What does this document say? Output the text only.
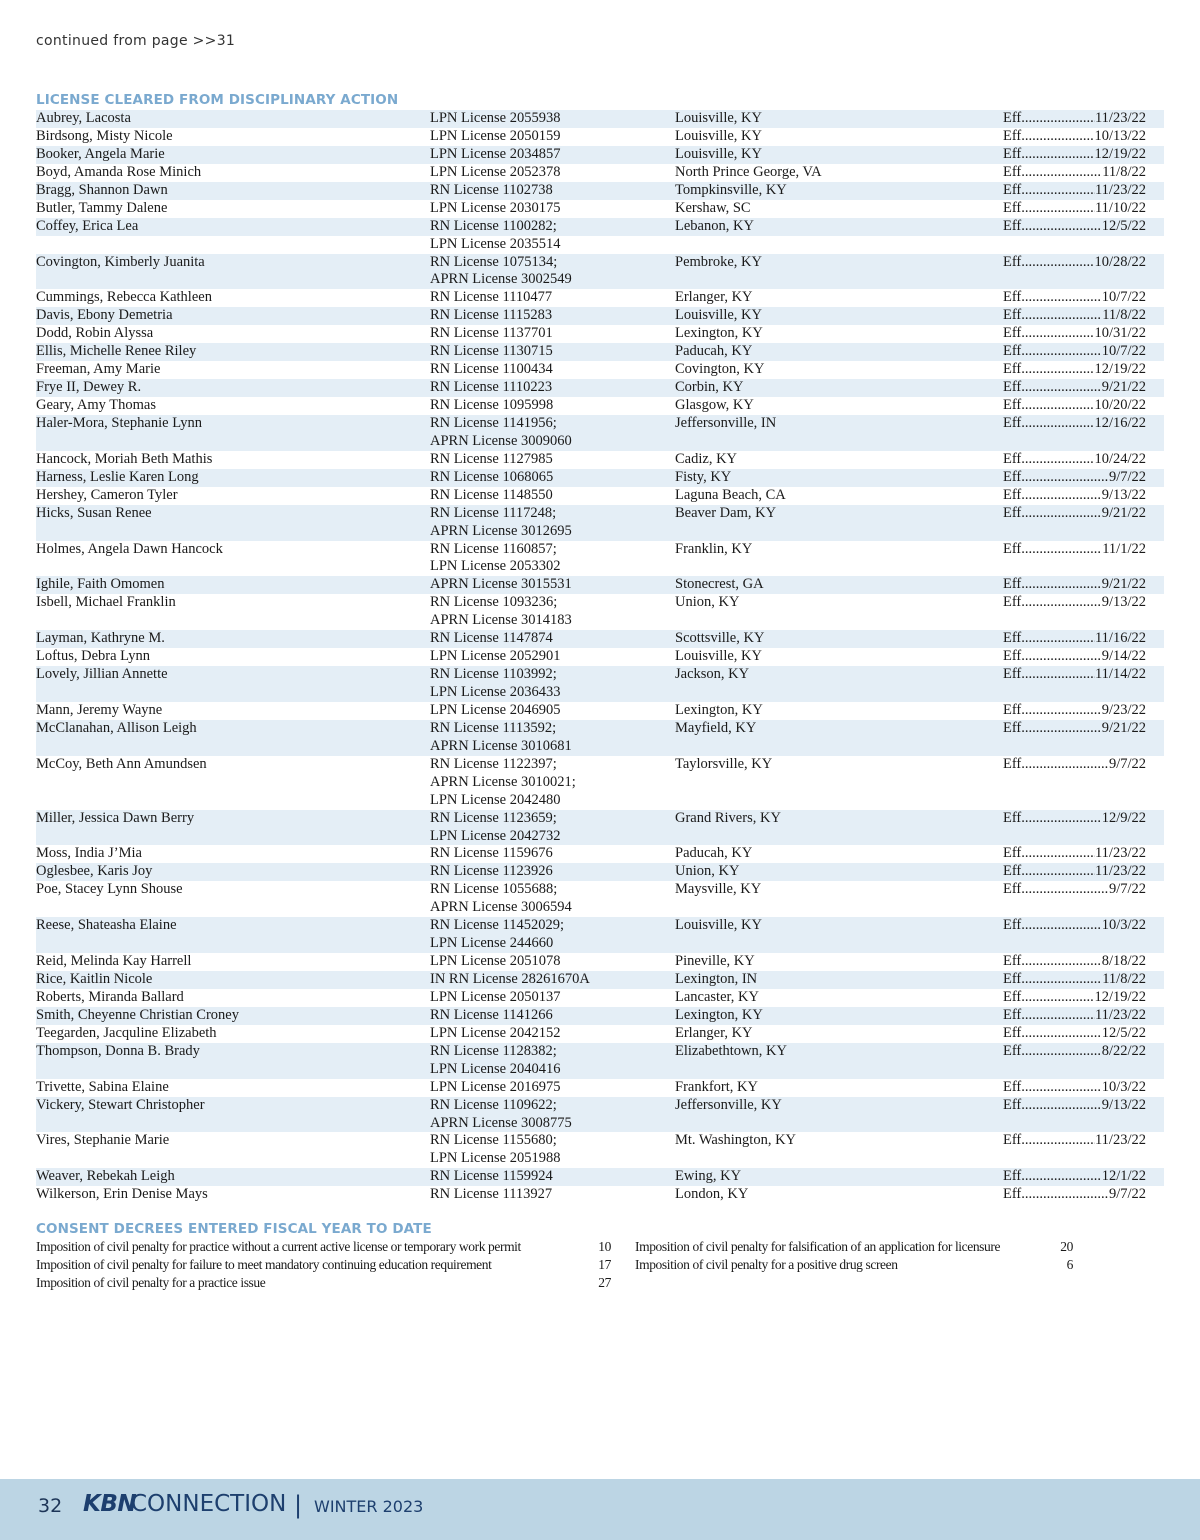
continued from page >>31
LICENSE CLEARED FROM DISCIPLINARY ACTION
Aubrey, Lacosta	LPN License 2055938	Louisville, KY	Eff. .....	11/23/22
Birdsong, Misty Nicole	LPN License 2050159	Louisville, KY	Eff. .....	10/13/22
Booker, Angela Marie	LPN License 2034857	Louisville, KY	Eff. .....	12/19/22
Boyd, Amanda Rose Minich	LPN License 2052378	North Prince George, VA	Eff. .....	11/8/22
Bragg, Shannon Dawn	RN License 1102738	Tompkinsville, KY	Eff. .....	11/23/22
Butler, Tammy Dalene	LPN License 2030175	Kershaw, SC	Eff. .....	11/10/22
Coffey, Erica Lea	RN License 1100282;	Lebanon, KY	Eff. .....	12/5/22
LPN License 2035514
Covington, Kimberly Juanita	RN License 1075134;	Pembroke, KY	Eff. .....	10/28/22
APRN License 3002549
Cummings, Rebecca Kathleen	RN License 1110477	Erlanger, KY	Eff. .....	10/7/22
Davis, Ebony Demetria	RN License 1115283	Louisville, KY	Eff. .....	11/8/22
Dodd, Robin Alyssa	RN License 1137701	Lexington, KY	Eff. .....	10/31/22
Ellis, Michelle Renee Riley	RN License 1130715	Paducah, KY	Eff. .....	10/7/22
Freeman, Amy Marie	RN License 1100434	Covington, KY	Eff. .....	12/19/22
Frye II, Dewey R.	RN License 1110223	Corbin, KY	Eff. .....	9/21/22
Geary, Amy Thomas	RN License 1095998	Glasgow, KY	Eff. .....	10/20/22
Haler-Mora, Stephanie Lynn	RN License 1141956;	Jeffersonville, IN	Eff. .....	12/16/22
APRN License 3009060
Hancock, Moriah Beth Mathis	RN License 1127985	Cadiz, KY	Eff. .....	10/24/22
Harness, Leslie Karen Long	RN License 1068065	Fisty, KY	Eff. .....	9/7/22
Hershey, Cameron Tyler	RN License 1148550	Laguna Beach, CA	Eff. .....	9/13/22
Hicks, Susan Renee	RN License 1117248;	Beaver Dam, KY	Eff. .....	9/21/22
APRN License 3012695
Holmes, Angela Dawn Hancock	RN License 1160857;	Franklin, KY	Eff. .....	11/1/22
LPN License 2053302
Ighile, Faith Omomen	APRN License 3015531	Stonecrest, GA	Eff. .....	9/21/22
Isbell, Michael Franklin	RN License 1093236;	Union, KY	Eff. .....	9/13/22
APRN License 3014183
Layman, Kathryne M.	RN License 1147874	Scottsville, KY	Eff. .....	11/16/22
Loftus, Debra Lynn	LPN License 2052901	Louisville, KY	Eff. .....	9/14/22
Lovely, Jillian Annette	RN License 1103992;	Jackson, KY	Eff. .....	11/14/22
LPN License 2036433
Mann, Jeremy Wayne	LPN License 2046905	Lexington, KY	Eff. .....	9/23/22
McClanahan, Allison Leigh	RN License 1113592;	Mayfield, KY	Eff. .....	9/21/22
APRN License 3010681
McCoy, Beth Ann Amundsen	RN License 1122397;	Taylorsville, KY	Eff. .....	9/7/22
APRN License 3010021;
LPN License 2042480
Miller, Jessica Dawn Berry	RN License 1123659;	Grand Rivers, KY	Eff. .....	12/9/22
LPN License 2042732
Moss, India J’Mia	RN License 1159676	Paducah, KY	Eff. .....	11/23/22
Oglesbee, Karis Joy	RN License 1123926	Union, KY	Eff. .....	11/23/22
Poe, Stacey Lynn Shouse	RN License 1055688;	Maysville, KY	Eff. .....	9/7/22
APRN License 3006594
Reese, Shateasha Elaine	RN License 11452029;	Louisville, KY	Eff. .....	10/3/22
LPN License 244660
Reid, Melinda Kay Harrell	LPN License 2051078	Pineville, KY	Eff. .....	8/18/22
Rice, Kaitlin Nicole	IN RN License 28261670A	Lexington, IN	Eff. .....	11/8/22
Roberts, Miranda Ballard	LPN License 2050137	Lancaster, KY	Eff. .....	12/19/22
Smith, Cheyenne Christian Croney	RN License 1141266	Lexington, KY	Eff. .....	11/23/22
Teegarden, Jacquline Elizabeth	LPN License 2042152	Erlanger, KY	Eff. .....	12/5/22
Thompson, Donna B. Brady	RN License 1128382;	Elizabethtown, KY	Eff. .....	8/22/22
LPN License 2040416
Trivette, Sabina Elaine	LPN License 2016975	Frankfort, KY	Eff. .....	10/3/22
Vickery, Stewart Christopher	RN License 1109622;	Jeffersonville, KY	Eff. .....	9/13/22
APRN License 3008775
Vires, Stephanie Marie	RN License 1155680;	Mt. Washington, KY	Eff. .....	11/23/22
LPN License 2051988
Weaver, Rebekah Leigh	RN License 1159924	Ewing, KY	Eff. .....	12/1/22
Wilkerson, Erin Denise Mays	RN License 1113927	London, KY	Eff. .....	9/7/22
CONSENT DECREES ENTERED FISCAL YEAR TO DATE
Imposition of civil penalty for practice without a current active license or temporary work permit	10
Imposition of civil penalty for failure to meet mandatory continuing education requirement	17
Imposition of civil penalty for a practice issue	27
Imposition of civil penalty for falsification of an application for licensure	20
Imposition of civil penalty for a positive drug screen	6
32 KBN
CONNECTION | WINTER 2023
